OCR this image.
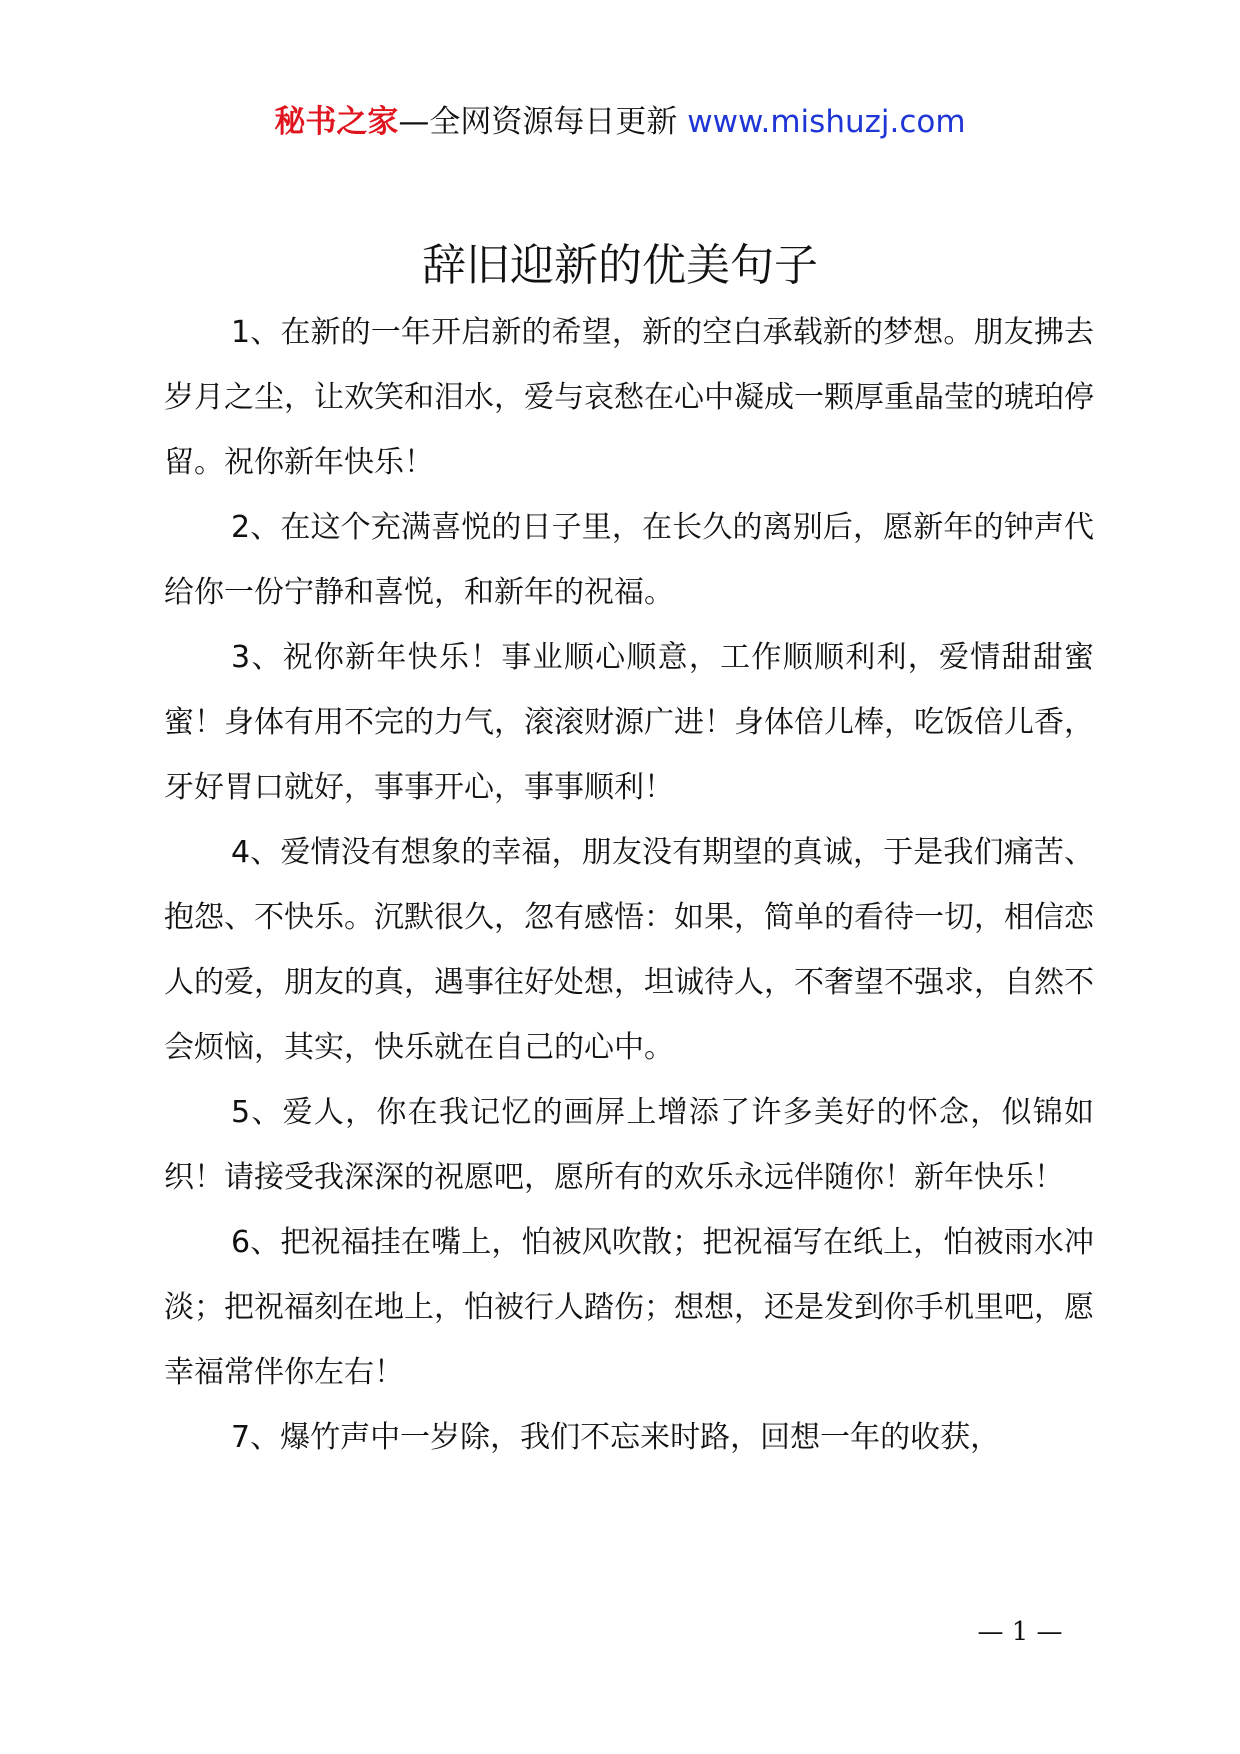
秘书之家—全网资源每日更新 www.mishuzj.com
辞旧迎新的优美句子

1、在新的一年开启新的希望，新的空白承载新的梦想。朋友拂去岁月之尘，让欢笑和泪水，爱与哀愁在心中凝成一颗厚重晶莹的琥珀停留。祝你新年快乐！

2、在这个充满喜悦的日子里，在长久的离别后，愿新年的钟声代给你一份宁静和喜悦，和新年的祝福。

3、祝你新年快乐！事业顺心顺意，工作顺顺利利，爱情甜甜蜜蜜！身体有用不完的力气，滚滚财源广进！身体倍儿棒，吃饭倍儿香，牙好胃口就好，事事开心，事事顺利！

4、爱情没有想象的幸福，朋友没有期望的真诚，于是我们痛苦、抱怨、不快乐。沉默很久，忽有感悟：如果，简单的看待一切，相信恋人的爱，朋友的真，遇事往好处想，坦诚待人，不奢望不强求，自然不会烦恼，其实，快乐就在自己的心中。

5、爱人，你在我记忆的画屏上增添了许多美好的怀念，似锦如织！请接受我深深的祝愿吧，愿所有的欢乐永远伴随你！新年快乐！

6、把祝福挂在嘴上，怕被风吹散；把祝福写在纸上，怕被雨水冲淡；把祝福刻在地上，怕被行人踏伤；想想，还是发到你手机里吧，愿幸福常伴你左右！

7、爆竹声中一岁除，我们不忘来时路，回想一年的收获，

— 1 —
